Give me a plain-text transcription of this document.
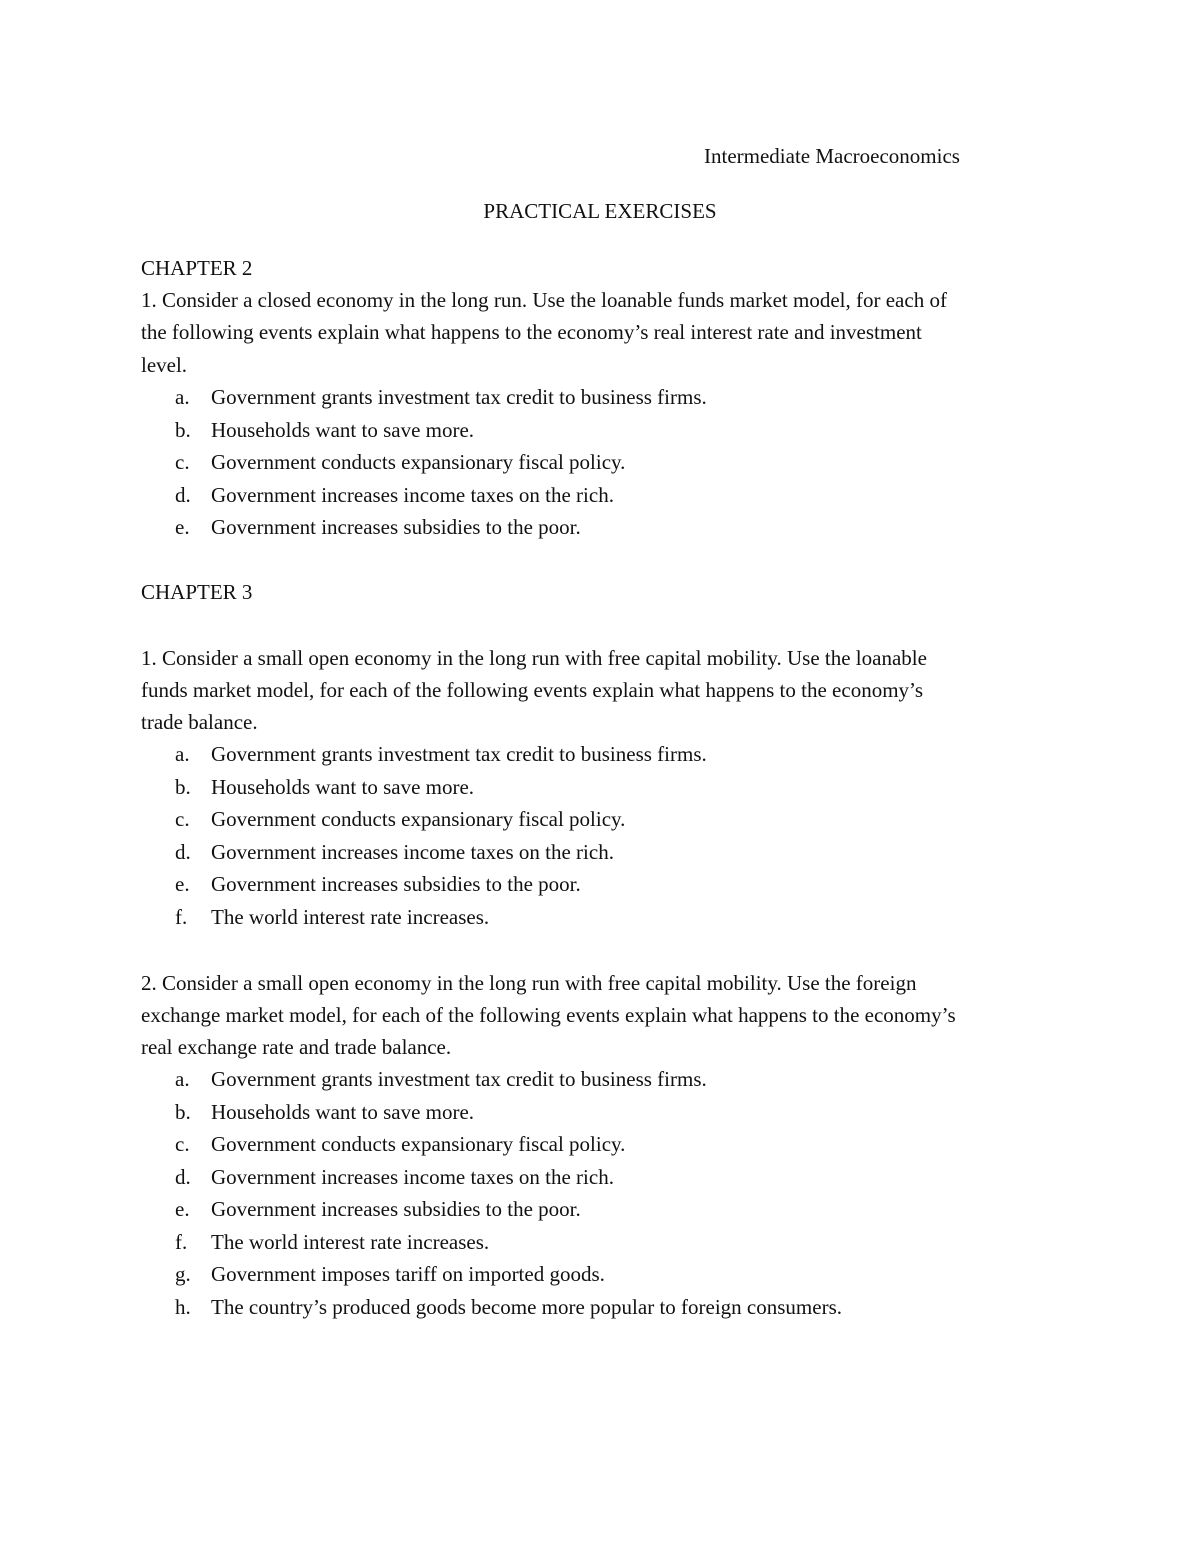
Intermediate Macroeconomics
PRACTICAL EXERCISES
CHAPTER 2
1. Consider a closed economy in the long run. Use the loanable funds market model, for each of
the following events explain what happens to the economy’s real interest rate and investment
level.
a. Government grants investment tax credit to business firms.
b. Households want to save more.
c. Government conducts expansionary fiscal policy.
d. Government increases income taxes on the rich.
e. Government increases subsidies to the poor.
CHAPTER 3
1. Consider a small open economy in the long run with free capital mobility. Use the loanable
funds market model, for each of the following events explain what happens to the economy’s
trade balance.
a. Government grants investment tax credit to business firms.
b. Households want to save more.
c. Government conducts expansionary fiscal policy.
d. Government increases income taxes on the rich.
e. Government increases subsidies to the poor.
f. The world interest rate increases.
2. Consider a small open economy in the long run with free capital mobility. Use the foreign
exchange market model, for each of the following events explain what happens to the economy’s
real exchange rate and trade balance.
a. Government grants investment tax credit to business firms.
b. Households want to save more.
c. Government conducts expansionary fiscal policy.
d. Government increases income taxes on the rich.
e. Government increases subsidies to the poor.
f. The world interest rate increases.
g. Government imposes tariff on imported goods.
h. The country’s produced goods become more popular to foreign consumers.
